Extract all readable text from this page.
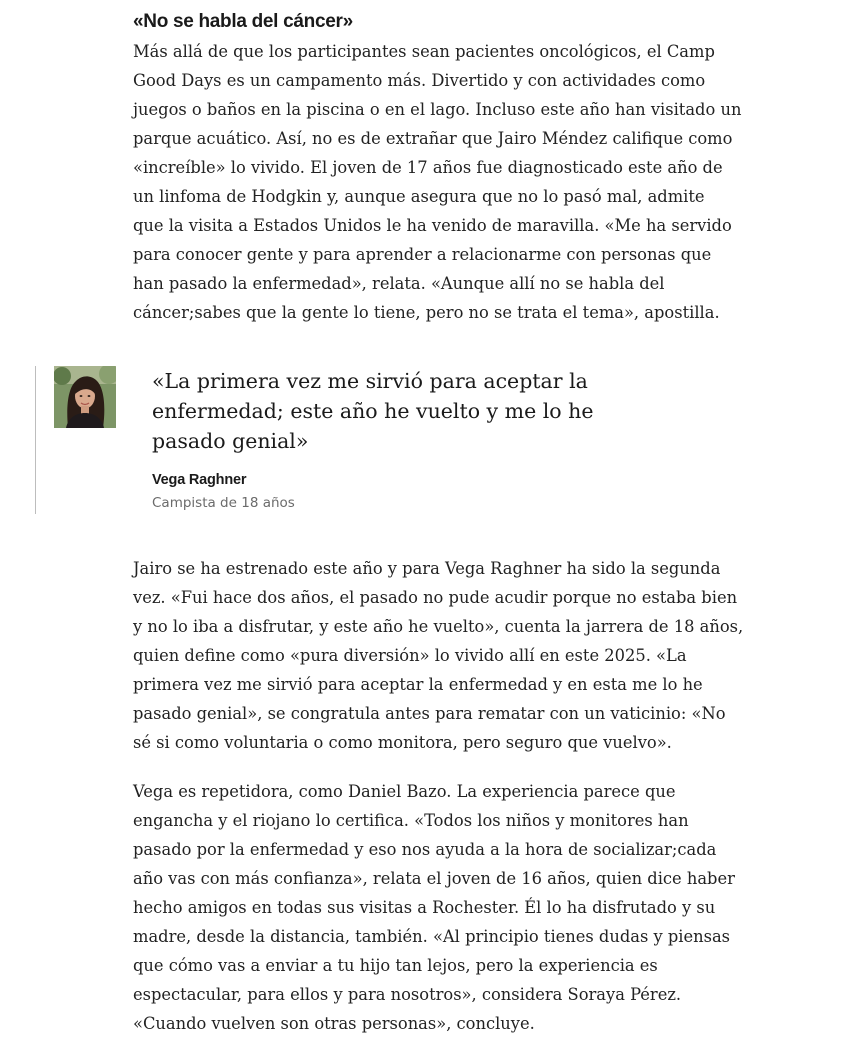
«No se habla del cáncer»

Más allá de que los participantes sean pacientes oncológicos, el Camp
Good Days es un campamento más. Divertido y con actividades como
juegos o baños en la piscina o en el lago. Incluso este año han visitado un
parque acuático. Así, no es de extrañar que Jairo Méndez califique como
«increíble» lo vivido. El joven de 17 años fue diagnosticado este año de
un linfoma de Hodgkin y, aunque asegura que no lo pasó mal, admite
que la visita a Estados Unidos le ha venido de maravilla. «Me ha servido
para conocer gente y para aprender a relacionarme con personas que
han pasado la enfermedad», relata. «Aunque allí no se habla del
cáncer;sabes que la gente lo tiene, pero no se trata el tema», apostilla.

«La primera vez me sirvió para aceptar la
enfermedad; este año he vuelto y me lo he
pasado genial»
Vega Raghner
Campista de 18 años

Jairo se ha estrenado este año y para Vega Raghner ha sido la segunda
vez. «Fui hace dos años, el pasado no pude acudir porque no estaba bien
y no lo iba a disfrutar, y este año he vuelto», cuenta la jarrera de 18 años,
quien define como «pura diversión» lo vivido allí en este 2025. «La
primera vez me sirvió para aceptar la enfermedad y en esta me lo he
pasado genial», se congratula antes para rematar con un vaticinio: «No
sé si como voluntaria o como monitora, pero seguro que vuelvo».

Vega es repetidora, como Daniel Bazo. La experiencia parece que
engancha y el riojano lo certifica. «Todos los niños y monitores han
pasado por la enfermedad y eso nos ayuda a la hora de socializar;cada
año vas con más confianza», relata el joven de 16 años, quien dice haber
hecho amigos en todas sus visitas a Rochester. Él lo ha disfrutado y su
madre, desde la distancia, también. «Al principio tienes dudas y piensas
que cómo vas a enviar a tu hijo tan lejos, pero la experiencia es
espectacular, para ellos y para nosotros», considera Soraya Pérez.
«Cuando vuelven son otras personas», concluye.
